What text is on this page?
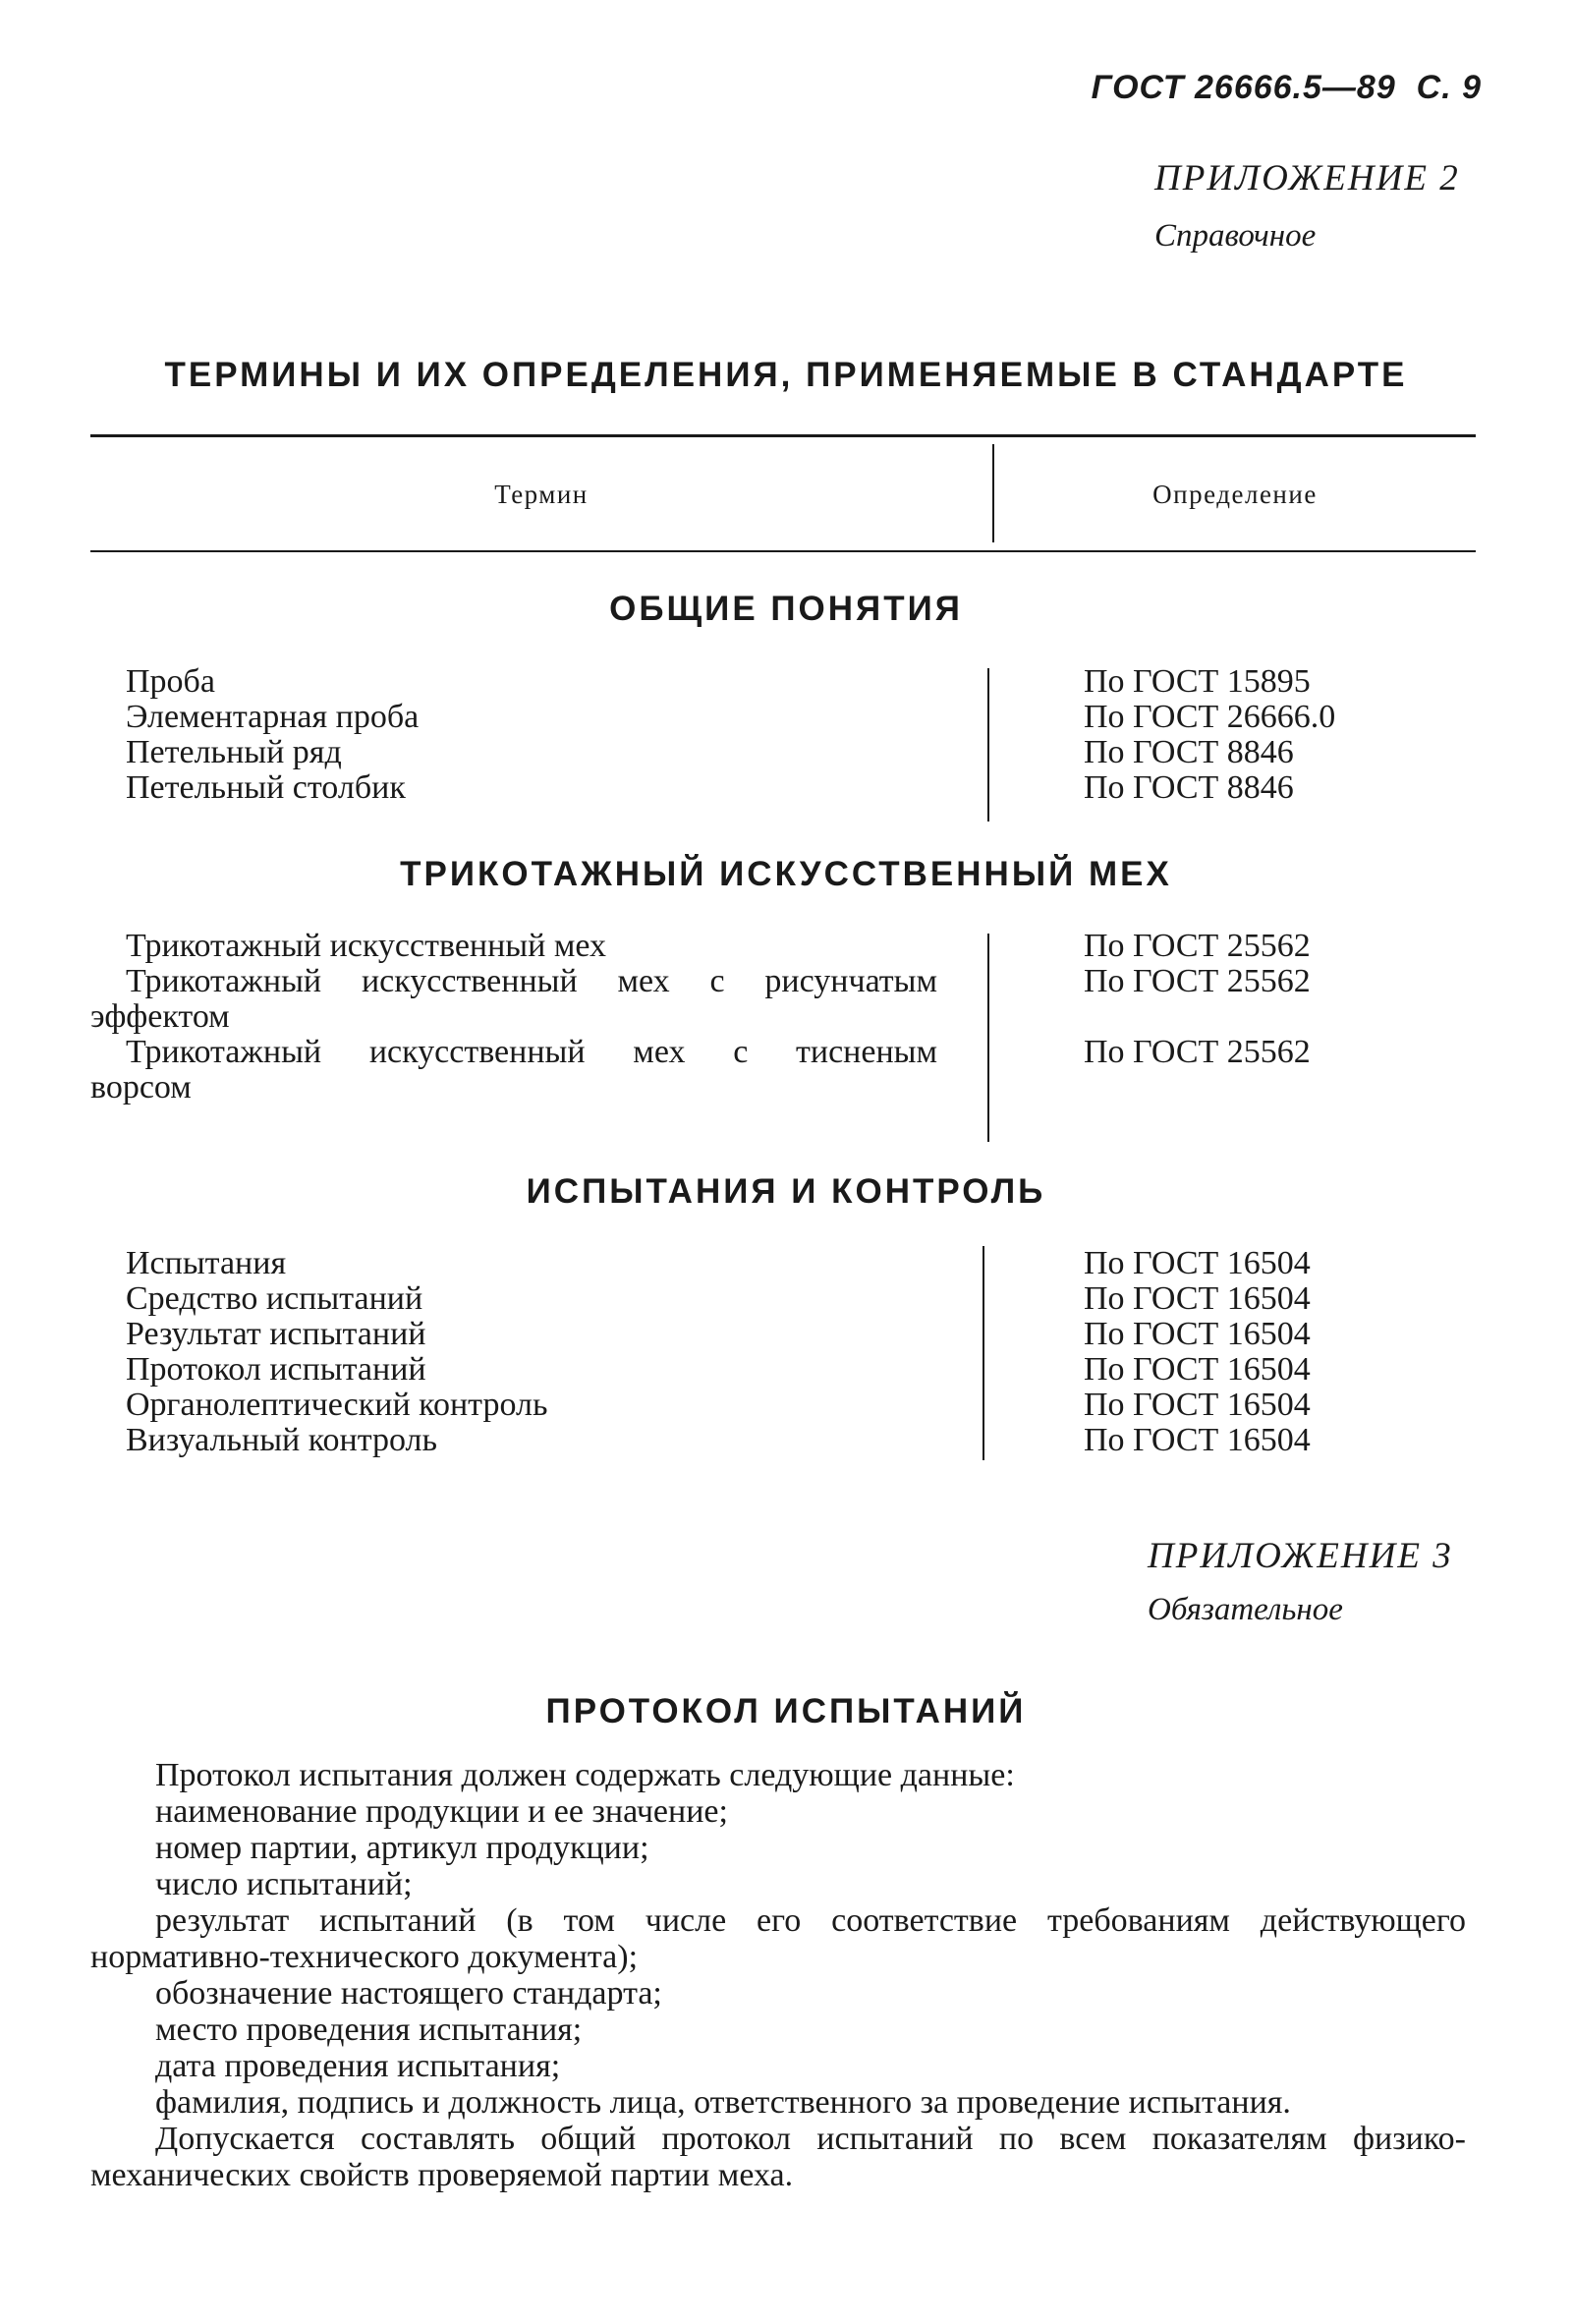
ГОСТ 26666.5—89 С. 9
ПРИЛОЖЕНИЕ 2
Справочное
ТЕРМИНЫ И ИХ ОПРЕДЕЛЕНИЯ, ПРИМЕНЯЕМЫЕ В СТАНДАРТЕ
Термин	Определение
ОБЩИЕ ПОНЯТИЯ
Проба
Элементарная проба
Петельный ряд
Петельный столбик
По ГОСТ 15895
По ГОСТ 26666.0
По ГОСТ 8846
По ГОСТ 8846
ТРИКОТАЖНЫЙ ИСКУССТВЕННЫЙ МЕХ
Трикотажный искусственный мех
Трикотажный искусственный мех с рисунчатым эффектом
Трикотажный искусственный мех с тисненым ворсом
По ГОСТ 25562
По ГОСТ 25562
По ГОСТ 25562
ИСПЫТАНИЯ И КОНТРОЛЬ
Испытания
Средство испытаний
Результат испытаний
Протокол испытаний
Органолептический контроль
Визуальный контроль
По ГОСТ 16504
По ГОСТ 16504
По ГОСТ 16504
По ГОСТ 16504
По ГОСТ 16504
По ГОСТ 16504
ПРИЛОЖЕНИЕ 3
Обязательное
ПРОТОКОЛ ИСПЫТАНИЙ

Протокол испытания должен содержать следующие данные:

наименование продукции и ее значение;

номер партии, артикул продукции;

число испытаний;

результат испытаний (в том числе его соответствие требованиям действующего нормативно-технического документа);

обозначение настоящего стандарта;

место проведения испытания;

дата проведения испытания;

фамилия, подпись и должность лица, ответственного за проведение испытания.

Допускается составлять общий протокол испытаний по всем показателям физико-механических свойств проверяемой партии меха.
